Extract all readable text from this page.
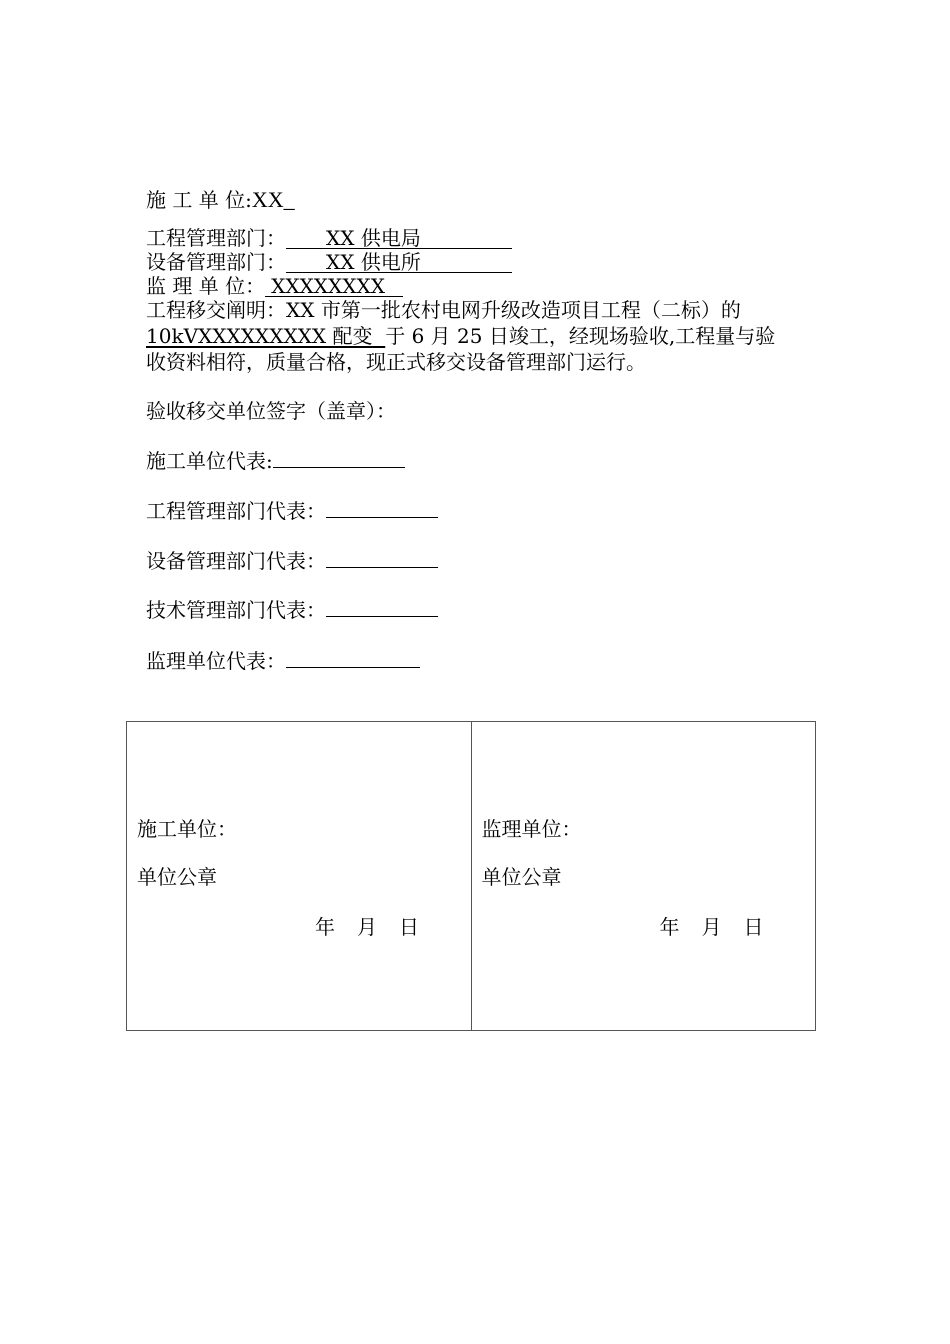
施 工 单 位:XX_
工程管理部门： XX 供电局
设备管理部门： XX 供电所
监 理 单 位： XXXXXXXX
工程移交阐明：XX 市第一批农村电网升级改造项目工程（二标）的
10kVXXXXXXXXX 配变 于 6 月 25 日竣工，经现场验收,工程量与验
收资料相符，质量合格，现正式移交设备管理部门运行。
验收移交单位签字（盖章）：
施工单位代表:
工程管理部门代表：
设备管理部门代表：
技术管理部门代表：
监理单位代表：
施工单位：
单位公章
年 月 日

监理单位：
单位公章
年 月 日
